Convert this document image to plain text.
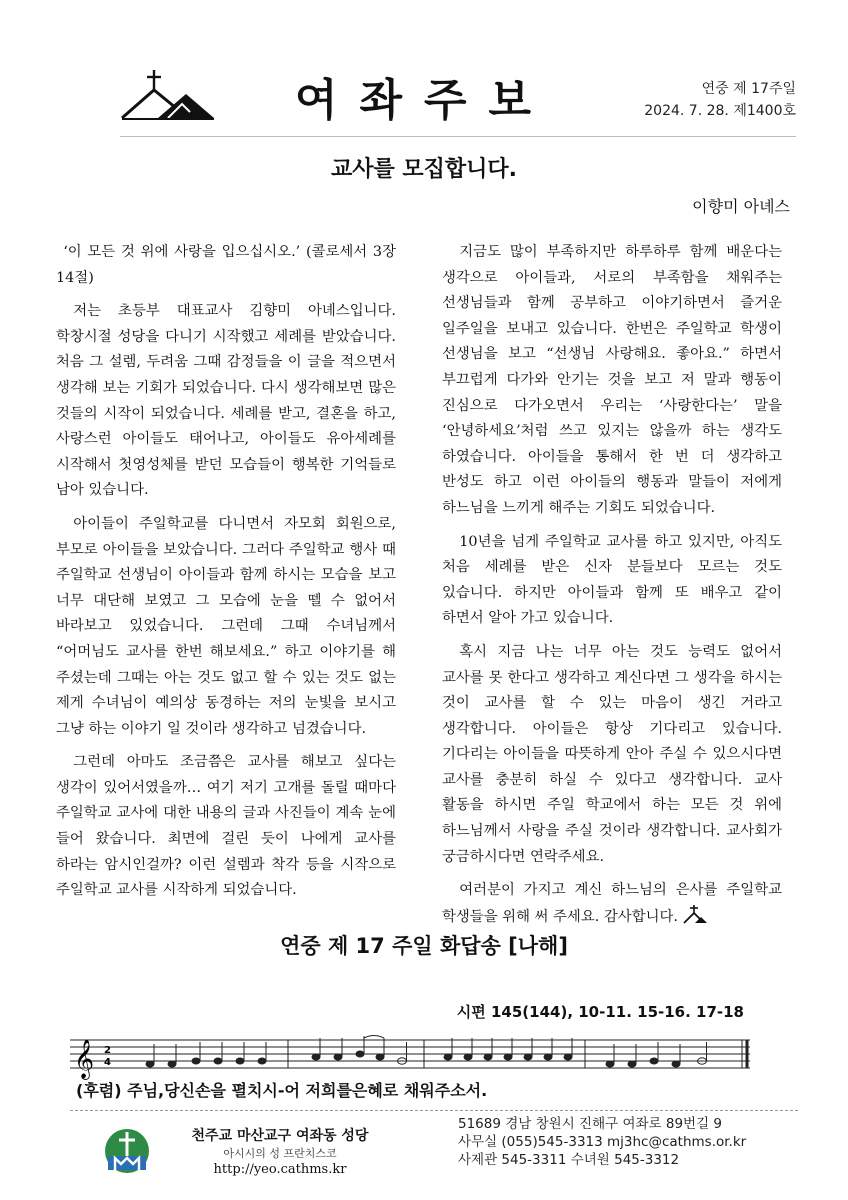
여좌주보	연중 제 17주일
2024. 7. 28. 제1400호
교사를 모집합니다.
이향미 아녜스

‘이 모든 것 위에 사랑을 입으십시오.’ (콜로세서 3장 14절)

저는 초등부 대표교사 김향미 아녜스입니다. 학창시절 성당을 다니기 시작했고 세례를 받았습니다. 처음 그 설렘, 두려움 그때 감정들을 이 글을 적으면서 생각해 보는 기회가 되었습니다. 다시 생각해보면 많은 것들의 시작이 되었습니다. 세례를 받고, 결혼을 하고, 사랑스런 아이들도 태어나고, 아이들도 유아세례를 시작해서 첫영성체를 받던 모습들이 행복한 기억들로 남아 있습니다.

아이들이 주일학교를 다니면서 자모회 회원으로, 부모로 아이들을 보았습니다. 그러다 주일학교 행사 때 주일학교 선생님이 아이들과 함께 하시는 모습을 보고 너무 대단해 보였고 그 모습에 눈을 뗄 수 없어서 바라보고 있었습니다. 그런데 그때 수녀님께서 “어머님도 교사를 한번 해보세요.” 하고 이야기를 해 주셨는데 그때는 아는 것도 없고 할 수 있는 것도 없는 제게 수녀님이 예의상 동경하는 저의 눈빛을 보시고 그냥 하는 이야기 일 것이라 생각하고 넘겼습니다.

그런데 아마도 조금쯤은 교사를 해보고 싶다는 생각이 있어서였을까… 여기 저기 고개를 돌릴 때마다 주일학교 교사에 대한 내용의 글과 사진들이 계속 눈에 들어 왔습니다. 최면에 걸린 듯이 나에게 교사를 하라는 암시인걸까? 이런 설렘과 착각 등을 시작으로 주일학교 교사를 시작하게 되었습니다.

지금도 많이 부족하지만 하루하루 함께 배운다는 생각으로 아이들과, 서로의 부족함을 채워주는 선생님들과 함께 공부하고 이야기하면서 즐거운 일주일을 보내고 있습니다. 한번은 주일학교 학생이 선생님을 보고 “선생님 사랑해요. 좋아요.” 하면서 부끄럽게 다가와 안기는 것을 보고 저 말과 행동이 진심으로 다가오면서 우리는 ‘사랑한다는’ 말을 ‘안녕하세요’처럼 쓰고 있지는 않을까 하는 생각도 하였습니다. 아이들을 통해서 한 번 더 생각하고 반성도 하고 이런 아이들의 행동과 말들이 저에게 하느님을 느끼게 해주는 기회도 되었습니다.

10년을 넘게 주일학교 교사를 하고 있지만, 아직도 처음 세례를 받은 신자 분들보다 모르는 것도 있습니다. 하지만 아이들과 함께 또 배우고 같이 하면서 알아 가고 있습니다.

혹시 지금 나는 너무 아는 것도 능력도 없어서 교사를 못 한다고 생각하고 계신다면 그 생각을 하시는 것이 교사를 할 수 있는 마음이 생긴 거라고 생각합니다. 아이들은 항상 기다리고 있습니다. 기다리는 아이들을 따뜻하게 안아 주실 수 있으시다면 교사를 충분히 하실 수 있다고 생각합니다. 교사 활동을 하시면 주일 학교에서 하는 모든 것 위에 하느님께서 사랑을 주실 것이라 생각합니다. 교사회가 궁금하시다면 연락주세요.

여러분이 가지고 계신 하느님의 은사를 주일학교 학생들을 위해 써 주세요. 감사합니다.

연중 제 17 주일 화답송 [나해]
시편 145(144), 10-11. 15-16. 17-18
𝄞 2
4
(후렴) 주님,당신손을 펼치시-어 저희를은혜로 채워주소서.
천주교 마산교구 여좌동 성당
아시시의 성 프란치스코
http://yeo.cathms.kr
51689 경남 창원시 진해구 여좌로 89번길 9
사무실 (055)545-3313 mj3hc@cathms.or.kr
사제관 545-3311 수녀원 545-3312
